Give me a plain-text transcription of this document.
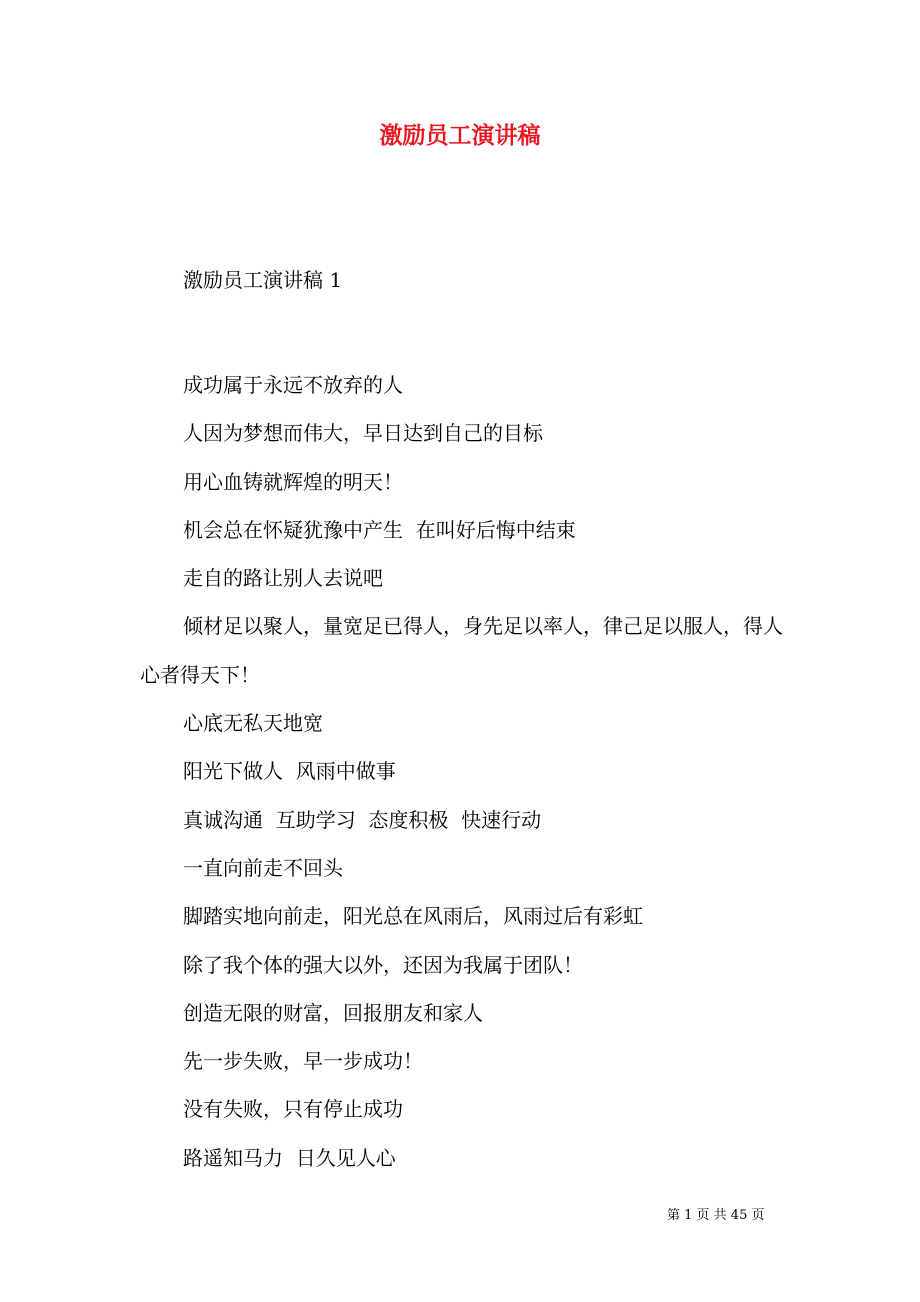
激励员工演讲稿

激励员工演讲稿 1

成功属于永远不放弃的人
人因为梦想而伟大，早日达到自己的目标
用心血铸就辉煌的明天！
机会总在怀疑犹豫中产生  在叫好后悔中结束
走自的路让别人去说吧
倾材足以聚人，量宽足已得人，身先足以率人，律己足以服人，得人心者得天下！
心底无私天地宽
阳光下做人  风雨中做事
真诚沟通  互助学习  态度积极  快速行动
一直向前走不回头
脚踏实地向前走，阳光总在风雨后，风雨过后有彩虹
除了我个体的强大以外，还因为我属于团队！
创造无限的财富，回报朋友和家人
先一步失败，早一步成功！
没有失败，只有停止成功
路遥知马力  日久见人心
第 1 页 共 45 页
